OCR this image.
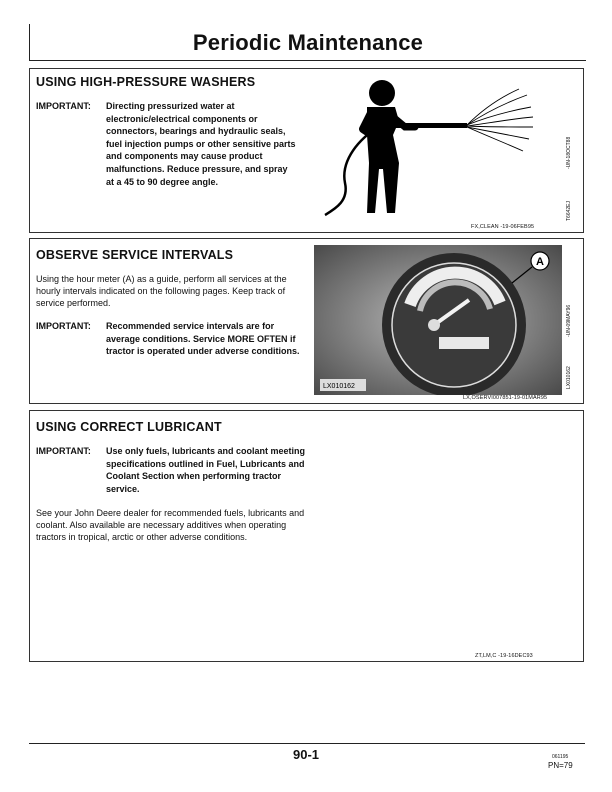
Periodic Maintenance
USING HIGH-PRESSURE WASHERS
IMPORTANT: Directing pressurized water at electronic/electrical components or connectors, bearings and hydraulic seals, fuel injection pumps or other sensitive parts and components may cause product malfunctions. Reduce pressure, and spray at a 45 to 90 degree angle.
-UN-18OCT88
T6642EJ
FX,CLEAN -19-06FEB95
OBSERVE SERVICE INTERVALS
Using the hour meter (A) as a guide, perform all services at the hourly intervals indicated on the following pages. Keep track of service performed.
IMPORTANT: Recommended service intervals are for average conditions. Service MORE OFTEN if tractor is operated under adverse conditions.
A
LX010162
-UN-09MAY96
LX010162
LX,OSERVI007851-19-01MAR95
USING CORRECT LUBRICANT
IMPORTANT: Use only fuels, lubricants and coolant meeting specifications outlined in Fuel, Lubricants and Coolant Section when performing tractor service.
See your John Deere dealer for recommended fuels, lubricants and coolant. Also available are necessary additives when operating tractors in tropical, arctic or other adverse conditions.
ZT,LM,C -19-16DEC93
90-1	061195
PN=79
